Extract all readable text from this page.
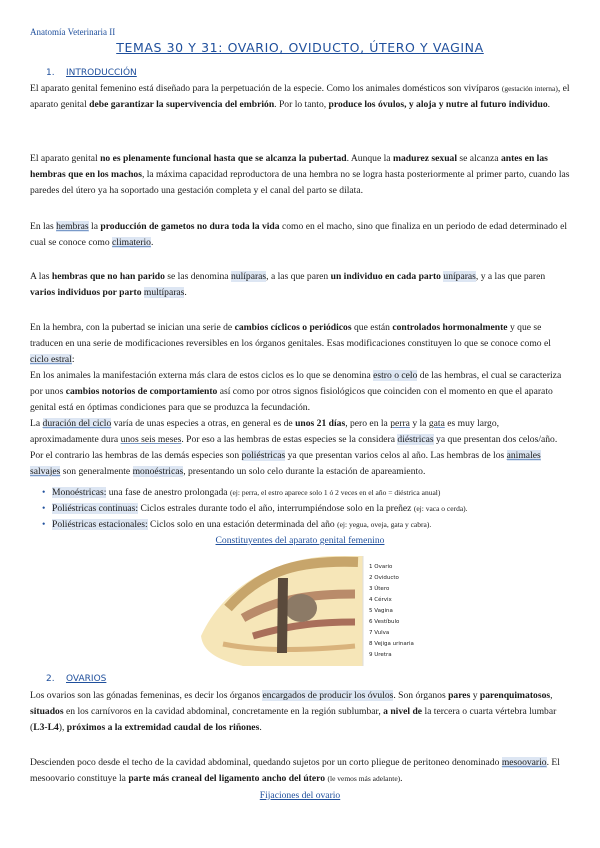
Anatomía Veterinaria II
TEMAS 30 Y 31: OVARIO, OVIDUCTO, ÚTERO Y VAGINA
1. INTRODUCCIÓN

El aparato genital femenino está diseñado para la perpetuación de la especie. Como los animales domésticos son vivíparos (gestación interna), el aparato genital debe garantizar la supervivencia del embrión. Por lo tanto, produce los óvulos, y aloja y nutre al futuro individuo.

El aparato genital no es plenamente funcional hasta que se alcanza la pubertad. Aunque la madurez sexual se alcanza antes en las hembras que en los machos, la máxima capacidad reproductora de una hembra no se logra hasta posteriormente al primer parto, cuando las paredes del útero ya ha soportado una gestación completa y el canal del parto se dilata.

En las hembras la producción de gametos no dura toda la vida como en el macho, sino que finaliza en un periodo de edad determinado el cual se conoce como climaterio.

A las hembras que no han parido se las denomina nulíparas, a las que paren un individuo en cada parto uníparas, y a las que paren varios individuos por parto multíparas.

En la hembra, con la pubertad se inician una serie de cambios cíclicos o periódicos que están controlados hormonalmente y que se traducen en una serie de modificaciones reversibles en los órganos genitales. Esas modificaciones constituyen lo que se conoce como el ciclo estral:
En los animales la manifestación externa más clara de estos ciclos es lo que se denomina estro o celo de las hembras, el cual se caracteriza por unos cambios notorios de comportamiento así como por otros signos fisiológicos que coinciden con el momento en que el aparato genital está en óptimas condiciones para que se produzca la fecundación.
La duración del ciclo varía de unas especies a otras, en general es de unos 21 días, pero en la perra y la gata es muy largo, aproximadamente dura unos seis meses. Por eso a las hembras de estas especies se la considera diéstricas ya que presentan dos celos/año. Por el contrario las hembras de las demás especies son poliéstricas ya que presentan varios celos al año. Las hembras de los animales salvajes son generalmente monoéstricas, presentando un solo celo durante la estación de apareamiento.

• Monoéstricas: una fase de anestro prolongada (ej: perra, el estro aparece solo 1 ó 2 veces en el año = diéstrica anual)
• Poliéstricas continuas: Ciclos estrales durante todo el año, interrumpiéndose solo en la preñez (ej: vaca o cerda).
• Poliéstricas estacionales: Ciclos solo en una estación determinada del año (ej: yegua, oveja, gata y cabra).
Constituyentes del aparato genital femenino
1 Ovario
2 Oviducto
3 Útero
4 Cérvix
5 Vagina
6 Vestíbulo
7 Vulva
8 Vejiga urinaria
9 Uretra
2. OVARIOS

Los ovarios son las gónadas femeninas, es decir los órganos encargados de producir los óvulos. Son órganos pares y parenquimatosos, situados en los carnívoros en la cavidad abdominal, concretamente en la región sublumbar, a nivel de la tercera o cuarta vértebra lumbar (L3-L4), próximos a la extremidad caudal de los riñones.

Descienden poco desde el techo de la cavidad abdominal, quedando sujetos por un corto pliegue de peritoneo denominado mesoovario. El mesoovario constituye la parte más craneal del ligamento ancho del útero (le vemos más adelante).

Fijaciones del ovario
